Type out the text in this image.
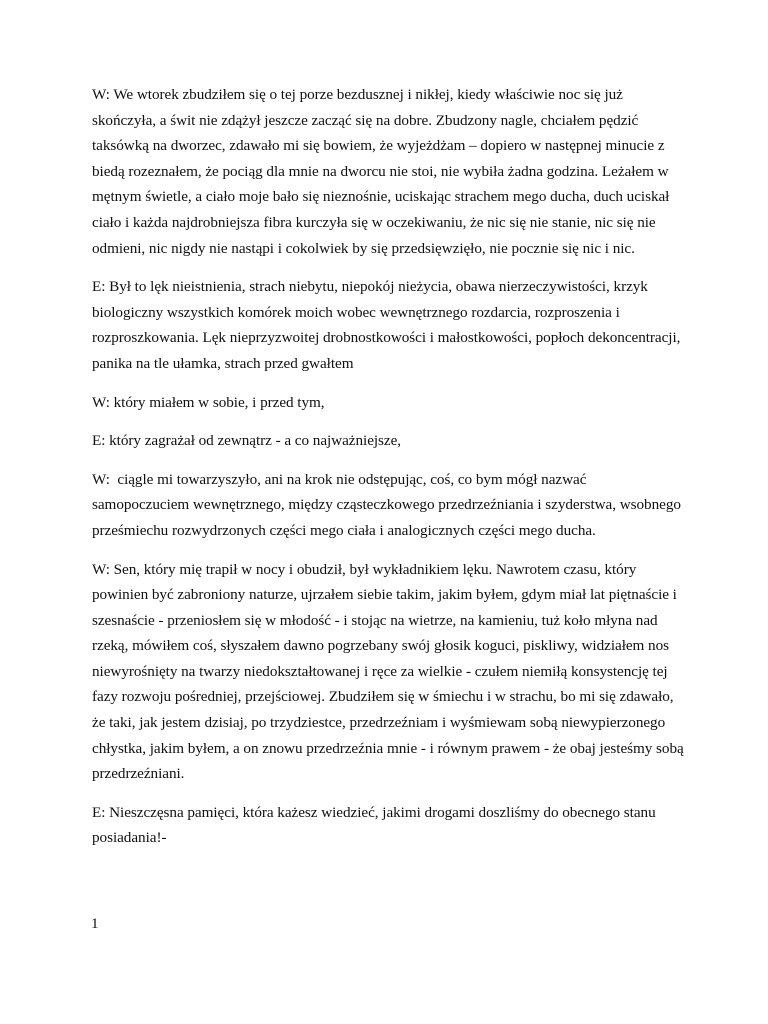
W: We wtorek zbudziłem się o tej porze bezdusznej i nikłej, kiedy właściwie noc się już skończyła, a świt nie zdążył jeszcze zacząć się na dobre. Zbudzony nagle, chciałem pędzić taksówką na dworzec, zdawało mi się bowiem, że wyjeżdżam – dopiero w następnej minucie z biedą rozeznałem, że pociąg dla mnie na dworcu nie stoi, nie wybiła żadna godzina. Leżałem w mętnym świetle, a ciało moje bało się nieznośnie, uciskając strachem mego ducha, duch uciskał ciało i każda najdrobniejsza fibra kurczyła się w oczekiwaniu, że nic się nie stanie, nic się nie odmieni, nic nigdy nie nastąpi i cokolwiek by się przedsięwzięło, nie pocznie się nic i nic.

E: Był to lęk nieistnienia, strach niebytu, niepokój nieżycia, obawa nierzeczywistości, krzyk biologiczny wszystkich komórek moich wobec wewnętrznego rozdarcia, rozproszenia i rozproszkowania. Lęk nieprzyzwoitej drobnostkowości i małostkowości, popłoch dekoncentracji, panika na tle ułamka, strach przed gwałtem

W: który miałem w sobie, i przed tym,

E: który zagrażał od zewnątrz - a co najważniejsze,

W:  ciągle mi towarzyszyło, ani na krok nie odstępując, coś, co bym mógł nazwać samopoczuciem wewnętrznego, między cząsteczkowego przedrzeźniania i szyderstwa, wsobnego prześmiechu rozwydrzonych części mego ciała i analogicznych części mego ducha.

W: Sen, który mię trapił w nocy i obudził, był wykładnikiem lęku. Nawrotem czasu, który powinien być zabroniony naturze, ujrzałem siebie takim, jakim byłem, gdym miał lat piętnaście i szesnaście - przeniosłem się w młodość - i stojąc na wietrze, na kamieniu, tuż koło młyna nad rzeką, mówiłem coś, słyszałem dawno pogrzebany swój głosik koguci, piskliwy, widziałem nos niewyrośnięty na twarzy niedokształtowanej i ręce za wielkie - czułem niemiłą konsystencję tej fazy rozwoju pośredniej, przejściowej. Zbudziłem się w śmiechu i w strachu, bo mi się zdawało, że taki, jak jestem dzisiaj, po trzydziestce, przedrzeźniam i wyśmiewam sobą niewypierzonego chłystka, jakim byłem, a on znowu przedrzeźnia mnie - i równym prawem - że obaj jesteśmy sobą przedrzeźniani.

E: Nieszczęsna pamięci, która każesz wiedzieć, jakimi drogami doszliśmy do obecnego stanu posiadania!-

1
